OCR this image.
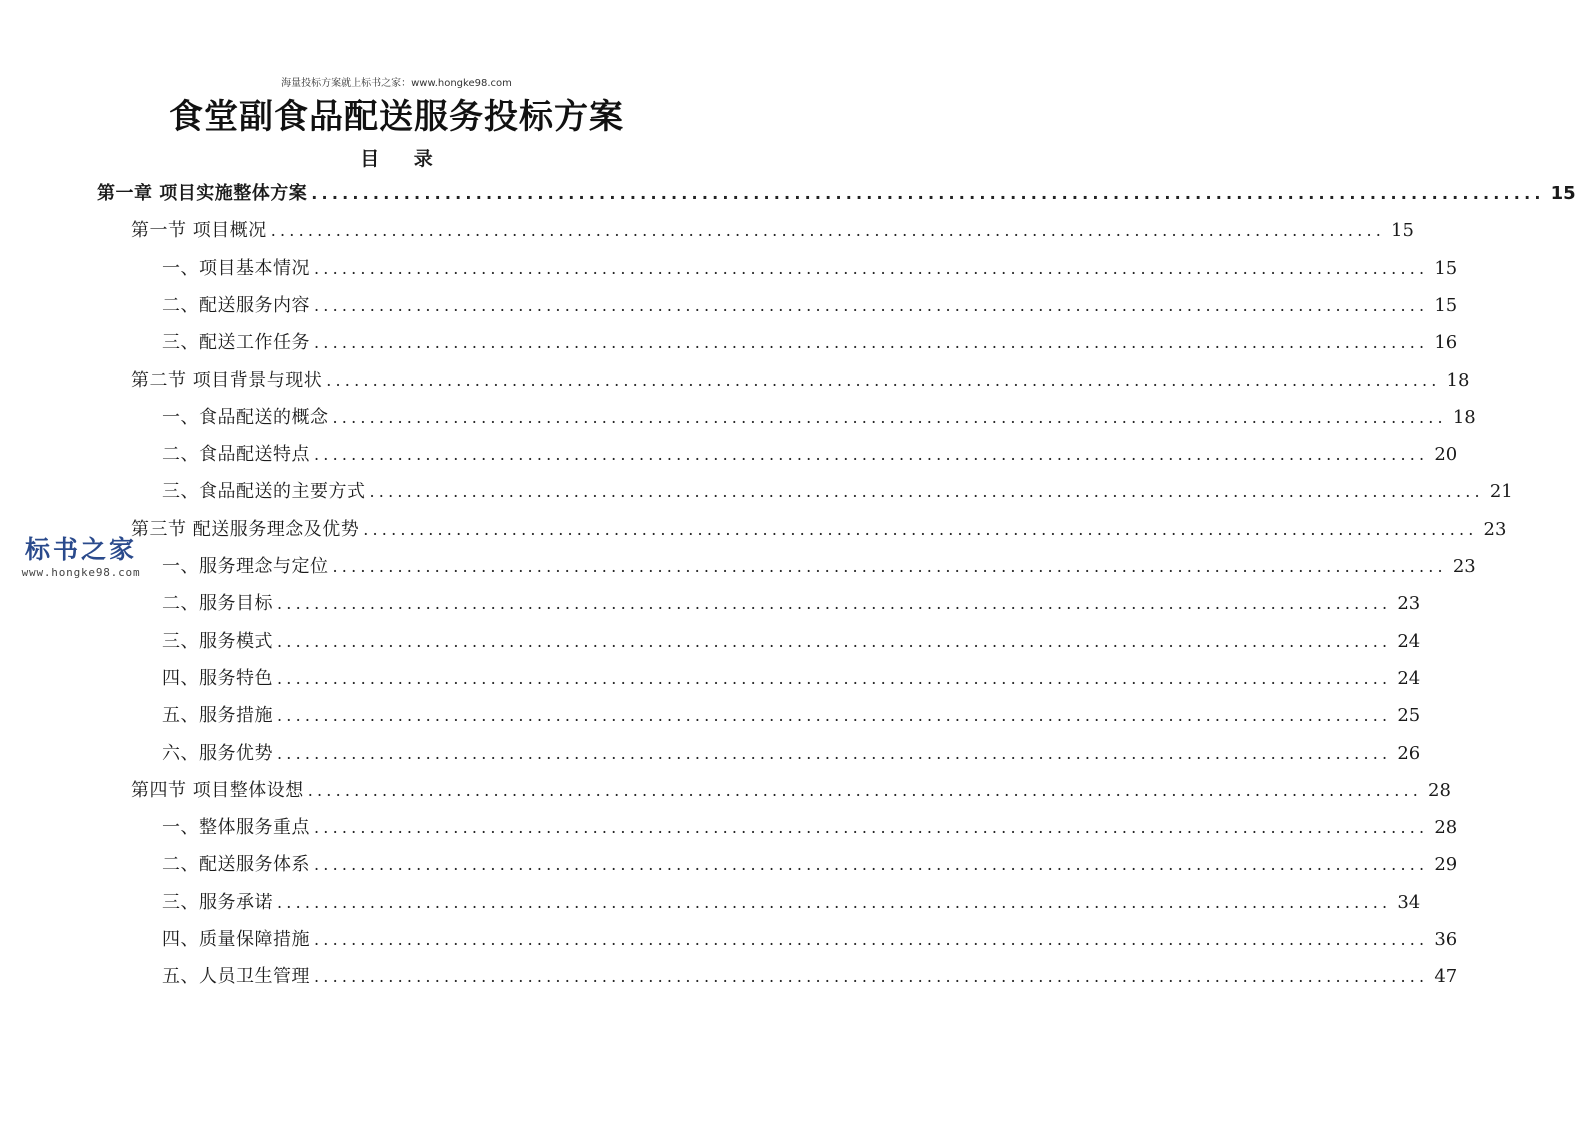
海量投标方案就上标书之家：www.hongke98.com
食堂副食品配送服务投标方案
目 录
第一章 项目实施整体方案 ........................................................................................................................ 15
第一节 项目概况 ........................................................................................................................ 15
一、项目基本情况 ........................................................................................................................ 15
二、配送服务内容 ........................................................................................................................ 15
三、配送工作任务 ........................................................................................................................ 16
第二节 项目背景与现状 ........................................................................................................................ 18
一、食品配送的概念 ........................................................................................................................ 18
二、食品配送特点 ........................................................................................................................ 20
三、食品配送的主要方式 ........................................................................................................................ 21
第三节 配送服务理念及优势 ........................................................................................................................ 23
一、服务理念与定位 ........................................................................................................................ 23
二、服务目标 ........................................................................................................................ 23
三、服务模式 ........................................................................................................................ 24
四、服务特色 ........................................................................................................................ 24
五、服务措施 ........................................................................................................................ 25
六、服务优势 ........................................................................................................................ 26
第四节 项目整体设想 ........................................................................................................................ 28
一、整体服务重点 ........................................................................................................................ 28
二、配送服务体系 ........................................................................................................................ 29
三、服务承诺 ........................................................................................................................ 34
四、质量保障措施 ........................................................................................................................ 36
五、人员卫生管理 ........................................................................................................................ 47
标书之家
www.hongke98.com
